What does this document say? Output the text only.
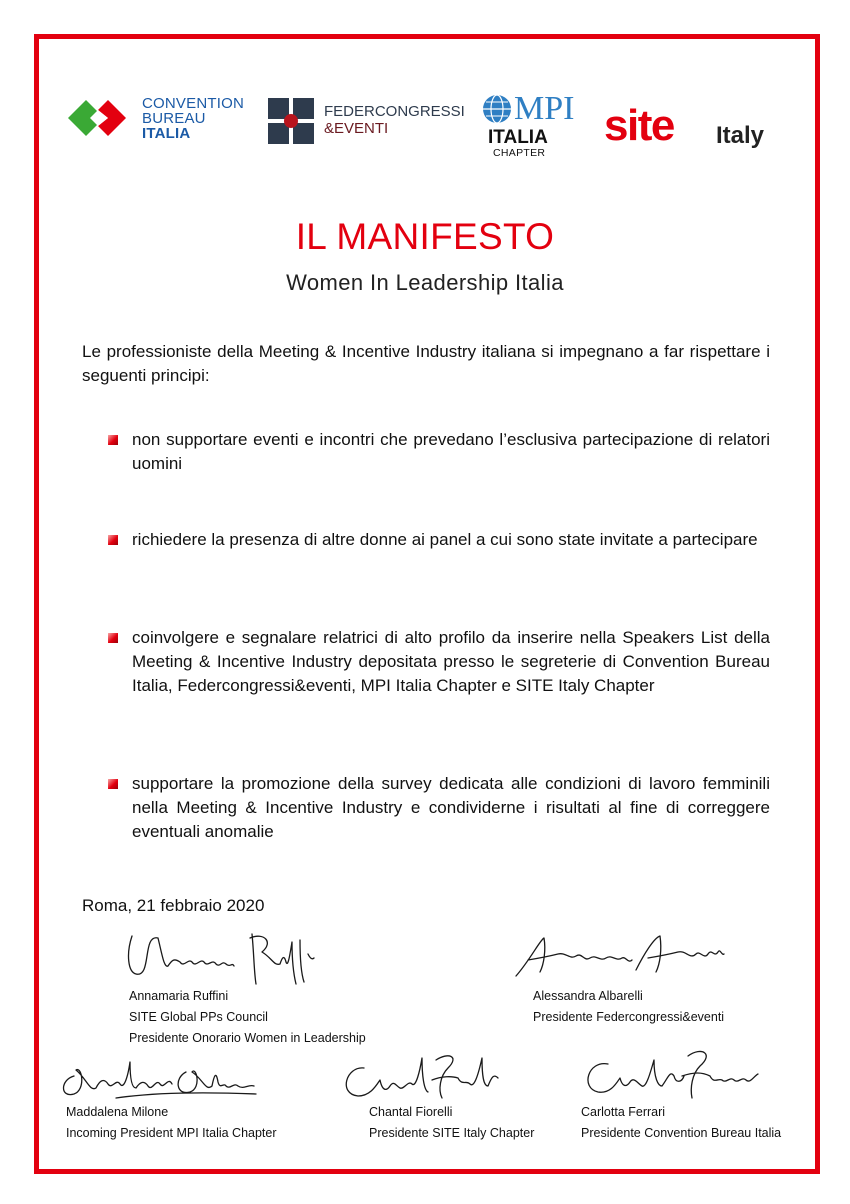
CONVENTION
BUREAU
ITALIA
FEDERCONGRESSI
&EVENTI
MPI
ITALIA
CHAPTER
site Italy
IL MANIFESTO
Women In Leadership Italia
Le professioniste della Meeting & Incentive Industry italiana si impegnano a far rispettare i seguenti principi:
non supportare eventi e incontri che prevedano l’esclusiva partecipazione di relatori uomini
richiedere la presenza di altre donne ai panel a cui sono state invitate a partecipare
coinvolgere e segnalare relatrici di alto profilo da inserire nella Speakers List della Meeting & Incentive Industry depositata presso le segreterie di Convention Bureau Italia, Federcongressi&eventi, MPI Italia Chapter e SITE Italy Chapter
supportare la promozione della survey dedicata alle condizioni di lavoro femminili nella Meeting & Incentive Industry e condividerne i risultati al fine di correggere eventuali anomalie
Roma, 21 febbraio 2020
Annamaria Ruffini
SITE Global PPs Council
Presidente Onorario Women in Leadership
Alessandra Albarelli
Presidente Federcongressi&eventi
Maddalena Milone
Incoming President MPI Italia Chapter
Chantal Fiorelli
Presidente SITE Italy Chapter
Carlotta Ferrari
Presidente Convention Bureau Italia
